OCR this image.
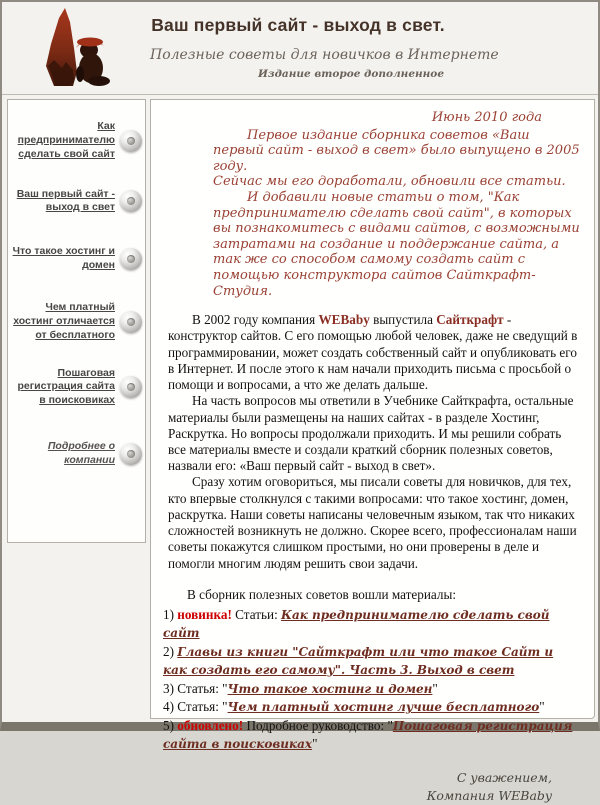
Ваш первый сайт - выход в свет.
Полезные советы для новичков в Интернете
Издание второе дополненное
Как предпринимателю сделать свой сайт
Ваш первый сайт - выход в свет
Что такое хостинг и домен
Чем платный хостинг отличается от бесплатного
Пошаговая регистрация сайта в поисковиках
Подробнее о компании
Июнь 2010 года
Первое издание сборника советов «Ваш первый сайт - выход в свет» было выпущено в 2005 году.
Сейчас мы его доработали, обновили все статьи.
И добавили новые статьи о том, "Как предпринимателю сделать свой сайт", в которых вы познакомитесь с видами сайтов, с возможными затратами на создание и поддержание сайта, а так же со способом самому создать сайт с помощью конструктора сайтов Сайткрафт-Студия.

В 2002 году компания WEBaby выпустила Сайткрафт - конструктор сайтов. С его помощью любой человек, даже не сведущий в программировании, может создать собственный сайт и опубликовать его в Интернет. И после этого к нам начали приходить письма с просьбой о помощи и вопросами, а что же делать дальше.

На часть вопросов мы ответили в Учебнике Сайткрафта, остальные материалы были размещены на наших сайтах - в разделе Хостинг, Раскрутка. Но вопросы продолжали приходить. И мы решили собрать все материалы вместе и создали краткий сборник полезных советов, назвали его: «Ваш первый сайт - выход в свет».

Сразу хотим оговориться, мы писали советы для новичков, для тех, кто впервые столкнулся с такими вопросами: что такое хостинг, домен, раскрутка. Наши советы написаны человечным языком, так что никаких сложностей возникнуть не должно. Скорее всего, профессионалам наши советы покажутся слишком простыми, но они проверены в деле и помогли многим людям решить свои задачи.

В сборник полезных советов вошли материалы:
1) новинка! Статьи: Как предпринимателю сделать свой сайт
2) Главы из книги "Сайткрафт или что такое Сайт и как создать его самому". Часть 3. Выход в свет
3) Статья: "Что такое хостинг и домен"
4) Статья: "Чем платный хостинг лучше бесплатного"
5) обновлено! Подробное руководство: "Пошаговая регистрация сайта в поисковиках"
С уважением,
Компания WEBaby
